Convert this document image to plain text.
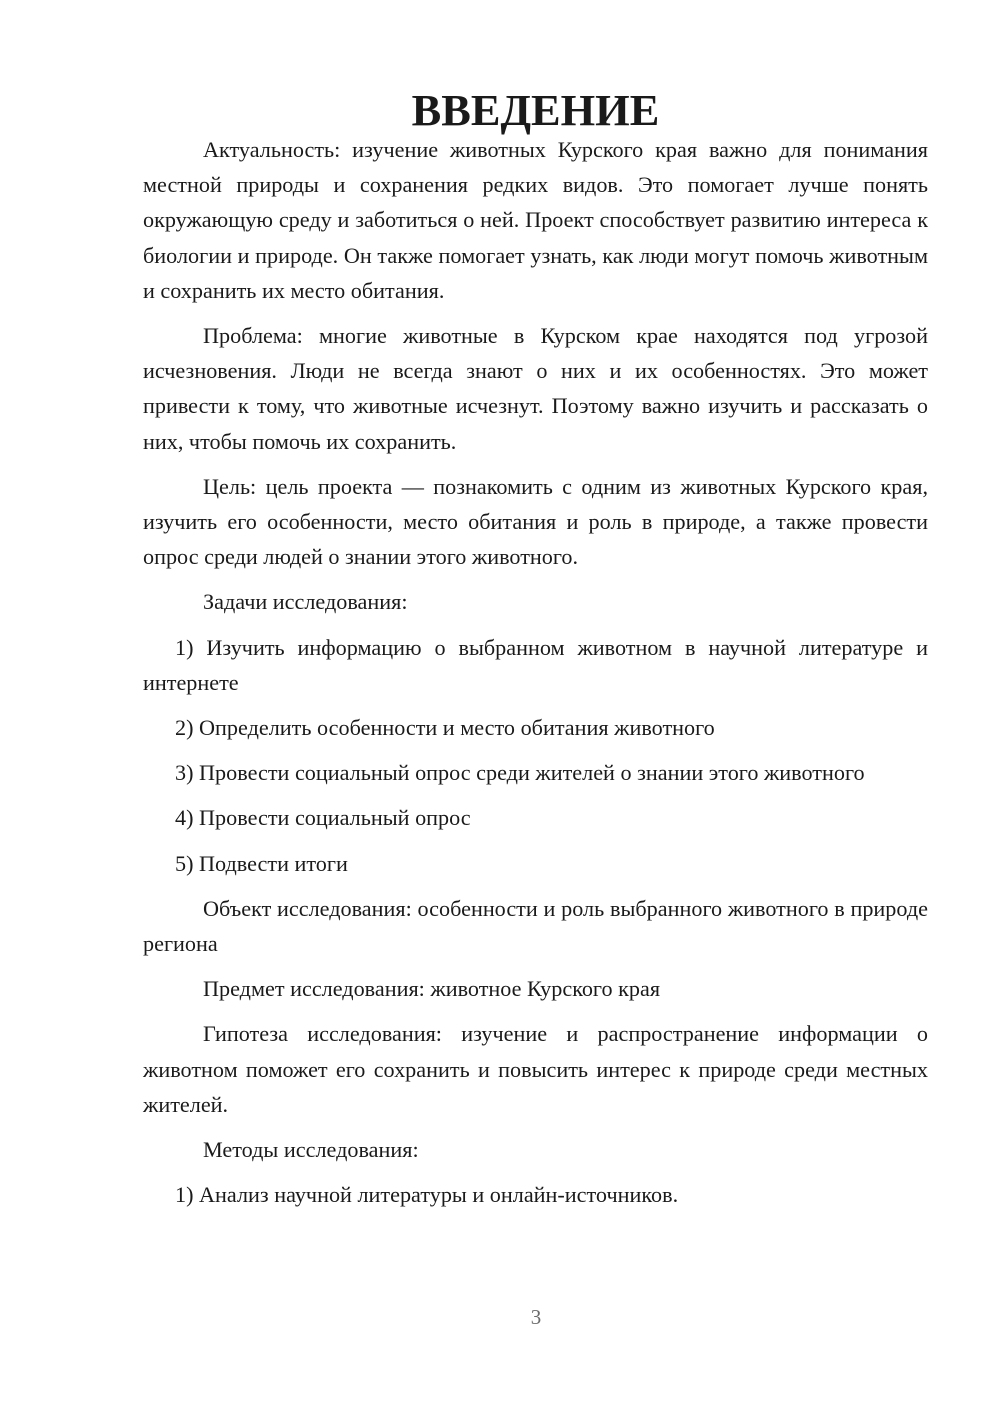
ВВЕДЕНИЕ

Актуальность: изучение животных Курского края важно для понимания местной природы и сохранения редких видов. Это помогает лучше понять окружающую среду и заботиться о ней. Проект способствует развитию интереса к биологии и природе. Он также помогает узнать, как люди могут помочь животным и сохранить их место обитания.

Проблема: многие животные в Курском крае находятся под угрозой исчезновения. Люди не всегда знают о них и их особенностях. Это может привести к тому, что животные исчезнут. Поэтому важно изучить и рассказать о них, чтобы помочь их сохранить.

Цель: цель проекта — познакомить с одним из животных Курского края, изучить его особенности, место обитания и роль в природе, а также провести опрос среди людей о знании этого животного.

Задачи исследования:

1) Изучить информацию о выбранном животном в научной литературе и интернете

2) Определить особенности и место обитания животного

3) Провести социальный опрос среди жителей о знании этого животного

4) Провести социальный опрос

5) Подвести итоги

Объект исследования: особенности и роль выбранного животного в природе региона

Предмет исследования: животное Курского края

Гипотеза исследования: изучение и распространение информации о животном поможет его сохранить и повысить интерес к природе среди местных жителей.

Методы исследования:

1) Анализ научной литературы и онлайн-источников.

3
